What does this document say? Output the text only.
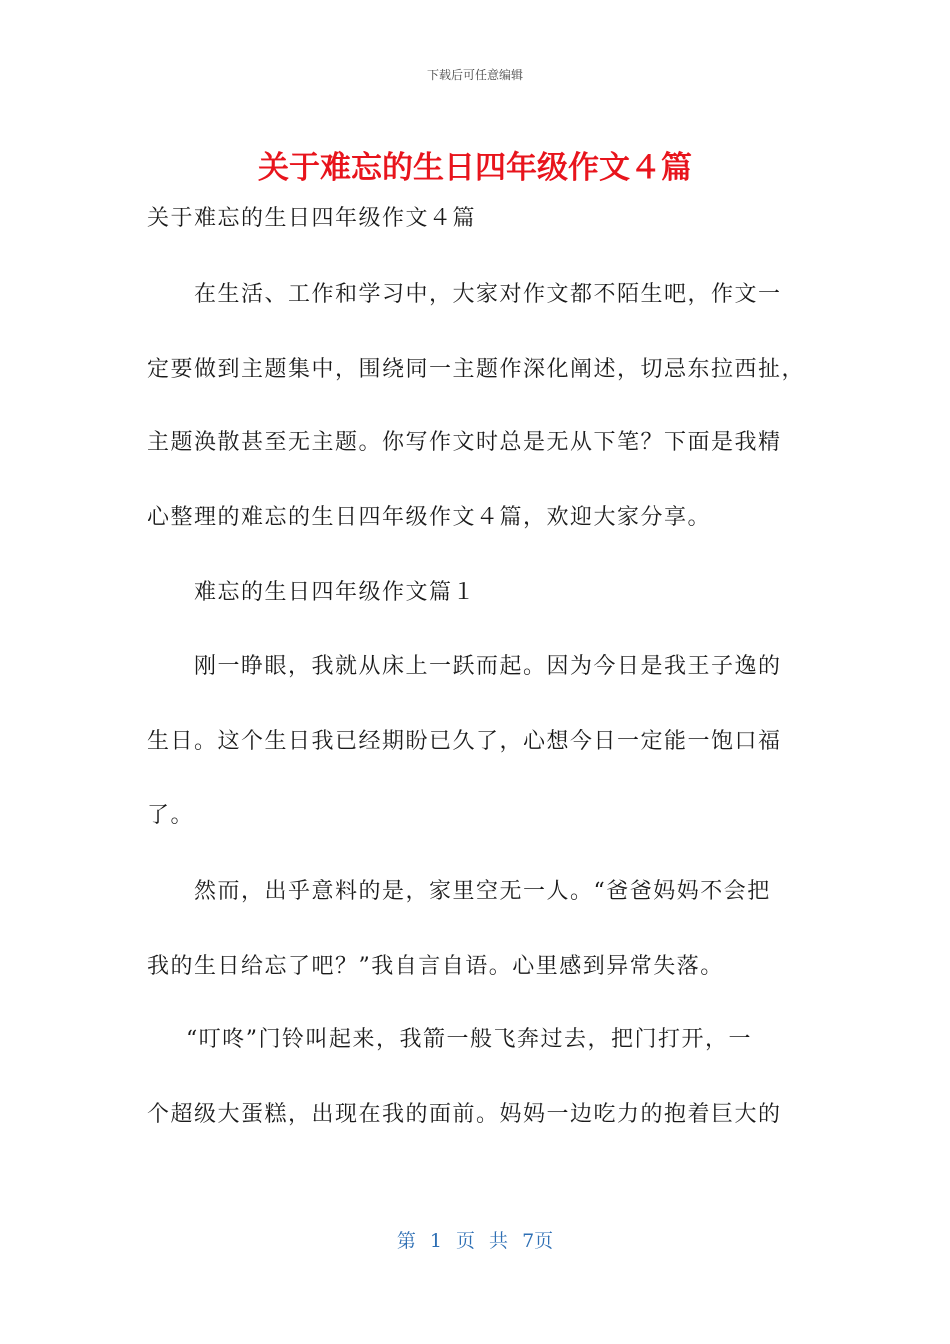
下载后可任意编辑
关于难忘的生日四年级作文４篇
关于难忘的生日四年级作文４篇
在生活、工作和学习中，大家对作文都不陌生吧，作文一
定要做到主题集中，围绕同一主题作深化阐述，切忌东拉西扯，
主题涣散甚至无主题。你写作文时总是无从下笔？下面是我精
心整理的难忘的生日四年级作文４篇，欢迎大家分享。
难忘的生日四年级作文篇１
刚一睁眼，我就从床上一跃而起。因为今日是我王子逸的
生日。这个生日我已经期盼已久了，心想今日一定能一饱口福
了。
然而，出乎意料的是，家里空无一人。“爸爸妈妈不会把
我的生日给忘了吧？”我自言自语。心里感到异常失落。
“叮咚”门铃叫起来，我箭一般飞奔过去，把门打开，一
个超级大蛋糕，出现在我的面前。妈妈一边吃力的抱着巨大的
第 1 页 共 7页
